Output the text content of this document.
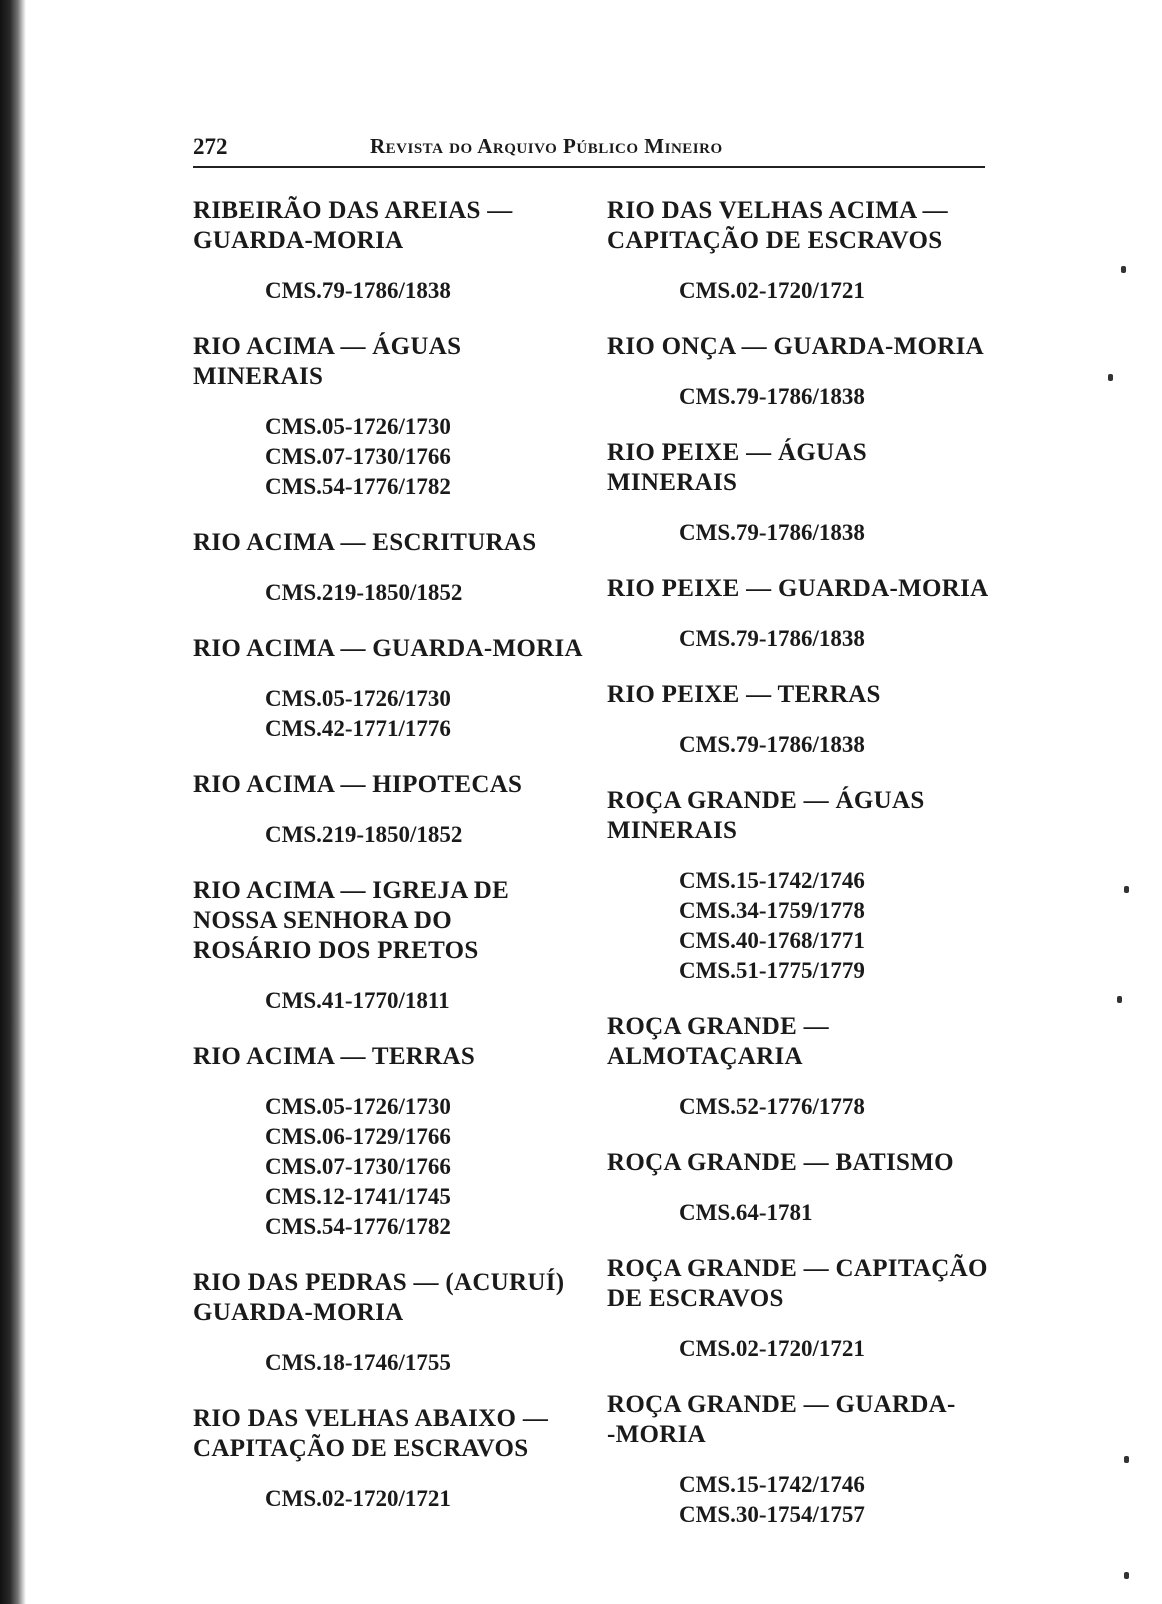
272	Revista do Arquivo Público Mineiro
RIBEIRÃO DAS AREIAS —
GUARDA-MORIA
CMS.79-1786/1838
RIO ACIMA — ÁGUAS
MINERAIS
CMS.05-1726/1730
CMS.07-1730/1766
CMS.54-1776/1782
RIO ACIMA — ESCRITURAS
CMS.219-1850/1852
RIO ACIMA — GUARDA-MORIA
CMS.05-1726/1730
CMS.42-1771/1776
RIO ACIMA — HIPOTECAS
CMS.219-1850/1852
RIO ACIMA — IGREJA DE
NOSSA SENHORA DO
ROSÁRIO DOS PRETOS
CMS.41-1770/1811
RIO ACIMA — TERRAS
CMS.05-1726/1730
CMS.06-1729/1766
CMS.07-1730/1766
CMS.12-1741/1745
CMS.54-1776/1782
RIO DAS PEDRAS — (ACURUÍ)
GUARDA-MORIA
CMS.18-1746/1755
RIO DAS VELHAS ABAIXO —
CAPITAÇÃO DE ESCRAVOS
CMS.02-1720/1721
RIO DAS VELHAS ACIMA —
CAPITAÇÃO DE ESCRAVOS
CMS.02-1720/1721
RIO ONÇA — GUARDA-MORIA
CMS.79-1786/1838
RIO PEIXE — ÁGUAS
MINERAIS
CMS.79-1786/1838
RIO PEIXE — GUARDA-MORIA
CMS.79-1786/1838
RIO PEIXE — TERRAS
CMS.79-1786/1838
ROÇA GRANDE — ÁGUAS
MINERAIS
CMS.15-1742/1746
CMS.34-1759/1778
CMS.40-1768/1771
CMS.51-1775/1779
ROÇA GRANDE —
ALMOTAÇARIA
CMS.52-1776/1778
ROÇA GRANDE — BATISMO
CMS.64-1781
ROÇA GRANDE — CAPITAÇÃO
DE ESCRAVOS
CMS.02-1720/1721
ROÇA GRANDE — GUARDA-
-MORIA
CMS.15-1742/1746
CMS.30-1754/1757
